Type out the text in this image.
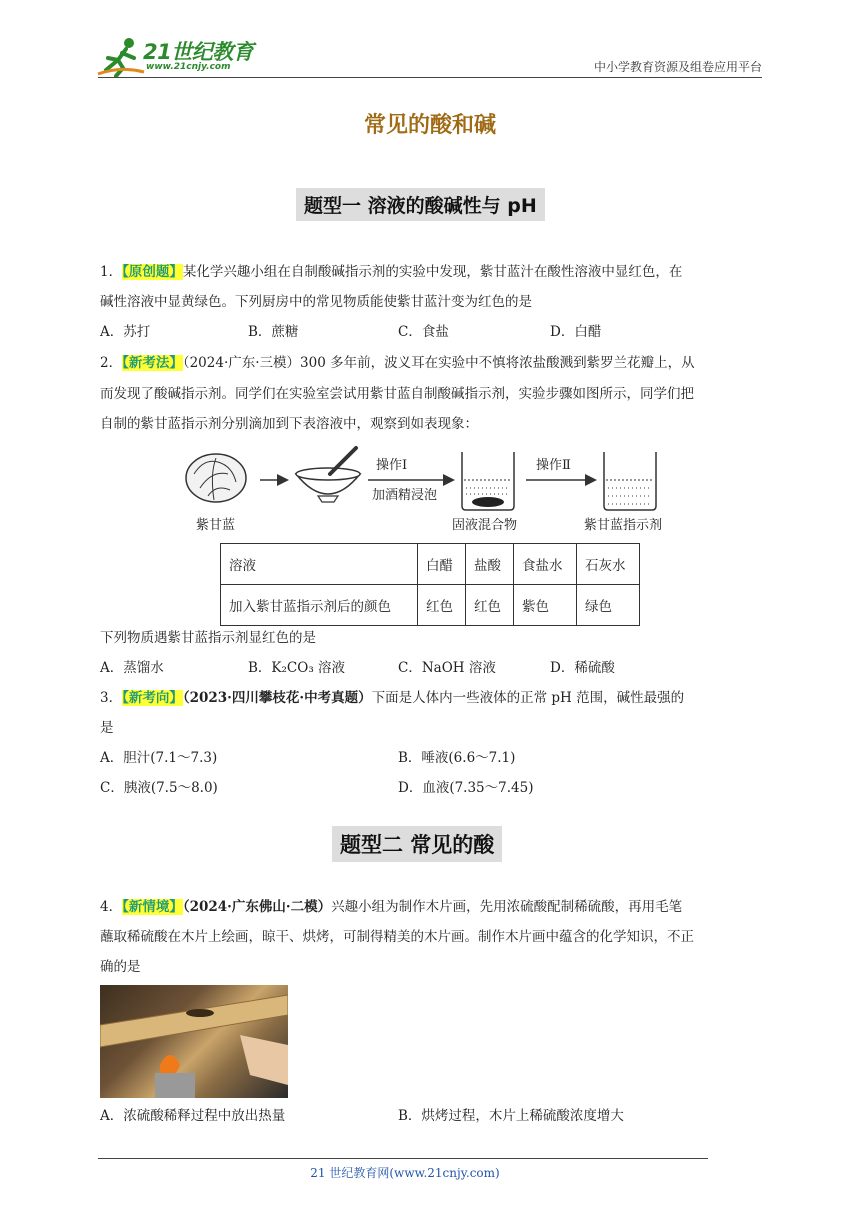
21世纪教育
www.21cnjy.com	中小学教育资源及组卷应用平台
常见的酸和碱
题型一 溶液的酸碱性与 pH
1．【原创题】某化学兴趣小组在自制酸碱指示剂的实验中发现，紫甘蓝汁在酸性溶液中显红色，在
碱性溶液中显黄绿色。下列厨房中的常见物质能使紫甘蓝汁变为红色的是
A．苏打	B．蔗糖	C．食盐	D．白醋
2．【新考法】（2024·广东·三模）300 多年前，波义耳在实验中不慎将浓盐酸溅到紫罗兰花瓣上，从
而发现了酸碱指示剂。同学们在实验室尝试用紫甘蓝自制酸碱指示剂，实验步骤如图所示，同学们把
自制的紫甘蓝指示剂分别滴加到下表溶液中，观察到如表现象：
操作Ⅰ
加酒精浸泡
操作Ⅱ
紫甘蓝	固液混合物	紫甘蓝指示剂
溶液	白醋	盐酸	食盐水	石灰水
加入紫甘蓝指示剂后的颜色	红色	红色	紫色	绿色
下列物质遇紫甘蓝指示剂显红色的是
A．蒸馏水	B．K₂CO₃ 溶液	C．NaOH 溶液	D．稀硫酸
3．【新考向】（2023·四川攀枝花·中考真题）下面是人体内一些液体的正常 pH 范围，碱性最强的
是
A．胆汁(7.1～7.3)	B．唾液(6.6～7.1)
C．胰液(7.5～8.0)	D．血液(7.35～7.45)
题型二 常见的酸
4．【新情境】（2024·广东佛山·二模）兴趣小组为制作木片画，先用浓硫酸配制稀硫酸，再用毛笔
蘸取稀硫酸在木片上绘画，晾干、烘烤，可制得精美的木片画。制作木片画中蕴含的化学知识，不正
确的是
A．浓硫酸稀释过程中放出热量	B．烘烤过程，木片上稀硫酸浓度增大
21 世纪教育网(www.21cnjy.com)
